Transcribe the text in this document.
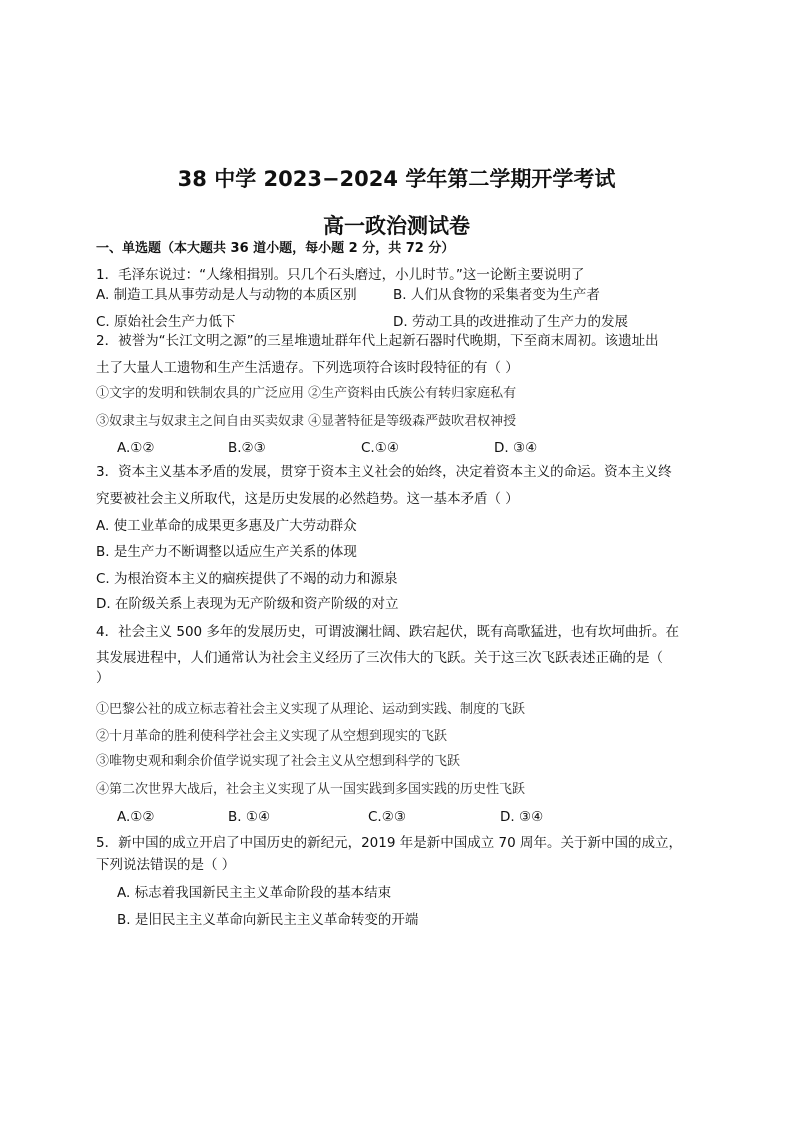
38 中学 2023−2024 学年第二学期开学考试
高一政治测试卷
一、单选题（本大题共 36 道小题，每小题 2 分，共 72 分）
1．毛泽东说过：“人缘相揖别。只几个石头磨过，小儿时节。”这一论断主要说明了
A. 制造工具从事劳动是人与动物的本质区别	B. 人们从食物的采集者变为生产者
C. 原始社会生产力低下	D. 劳动工具的改进推动了生产力的发展
2．被誉为“长江文明之源”的三星堆遗址群年代上起新石器时代晚期，下至商末周初。该遗址出
土了大量人工遗物和生产生活遗存。下列选项符合该时段特征的有（ ）
①文字的发明和铁制农具的广泛应用 ②生产资料由氏族公有转归家庭私有
③奴隶主与奴隶主之间自由买卖奴隶 ④显著特征是等级森严鼓吹君权神授
A.①②	B.②③	C.①④	D. ③④
3．资本主义基本矛盾的发展，贯穿于资本主义社会的始终，决定着资本主义的命运。资本主义终
究要被社会主义所取代，这是历史发展的必然趋势。这一基本矛盾（ ）
A. 使工业革命的成果更多惠及广大劳动群众
B. 是生产力不断调整以适应生产关系的体现
C. 为根治资本主义的痼疾提供了不竭的动力和源泉
D. 在阶级关系上表现为无产阶级和资产阶级的对立
4．社会主义 500 多年的发展历史，可谓波澜壮阔、跌宕起伏，既有高歌猛进，也有坎坷曲折。在
其发展进程中，人们通常认为社会主义经历了三次伟大的飞跃。关于这三次飞跃表述正确的是（
）
①巴黎公社的成立标志着社会主义实现了从理论、运动到实践、制度的飞跃
②十月革命的胜利使科学社会主义实现了从空想到现实的飞跃
③唯物史观和剩余价值学说实现了社会主义从空想到科学的飞跃
④第二次世界大战后，社会主义实现了从一国实践到多国实践的历史性飞跃
A.①②	B. ①④	C.②③	D. ③④
5．新中国的成立开启了中国历史的新纪元，2019 年是新中国成立 70 周年。关于新中国的成立，
下列说法错误的是（ ）
A. 标志着我国新民主主义革命阶段的基本结束
B. 是旧民主主义革命向新民主主义革命转变的开端
